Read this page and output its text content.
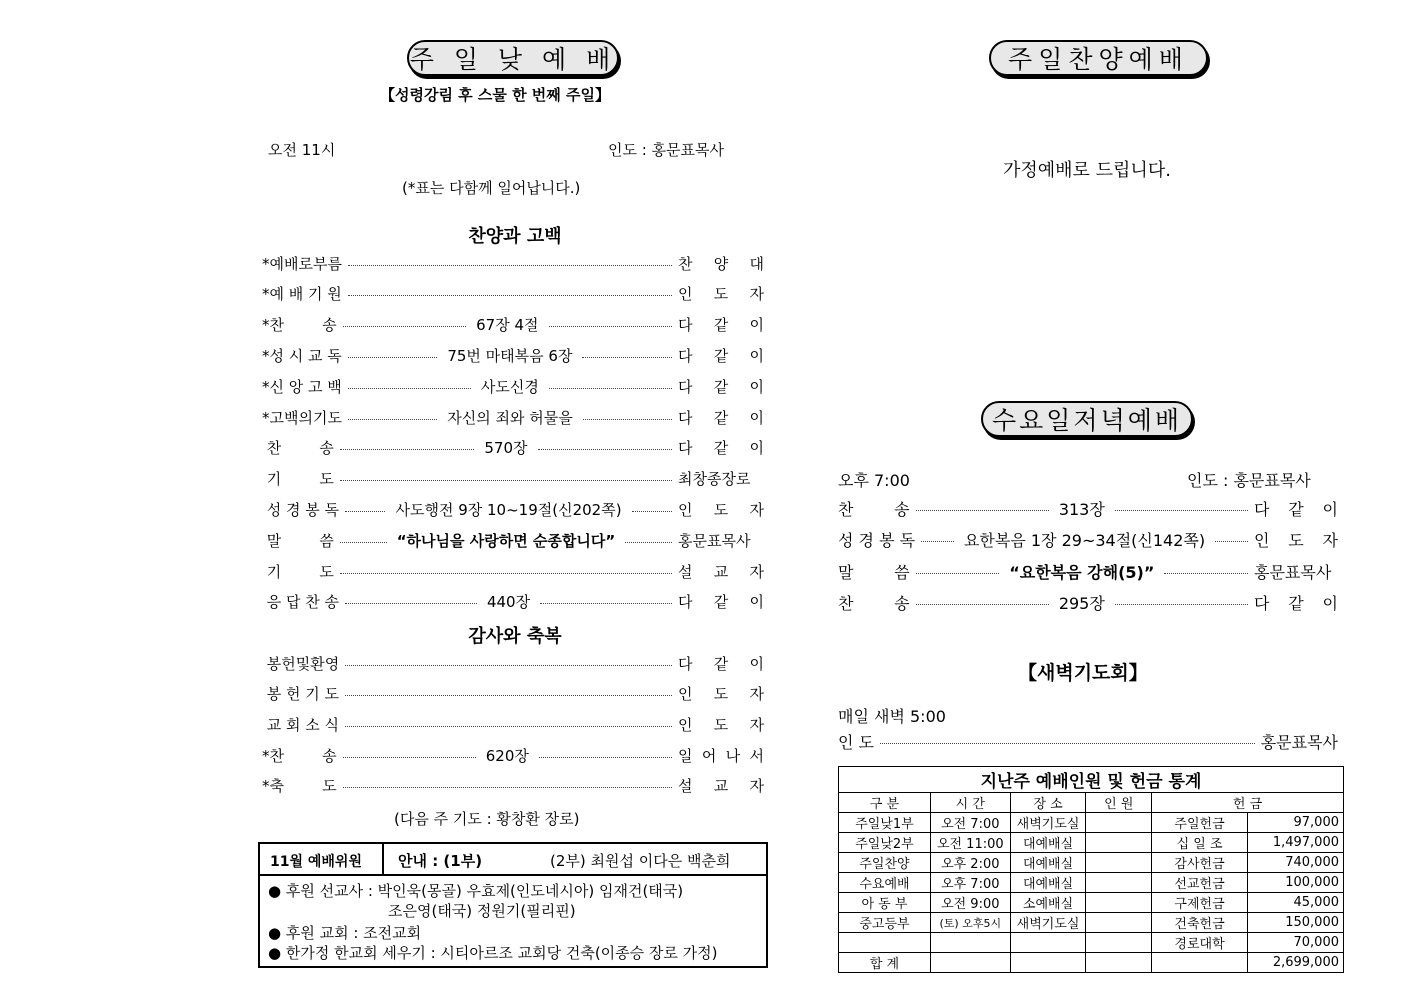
주 일 낮 예 배
【성령강림 후 스물 한 번째 주일】
오전 11시	인도 : 홍문표목사
(*표는 다함께 일어납니다.)
찬양과 고백
*예배로부름	찬 양 대
*예 배 기 원	인 도 자
*찬        송	67장 4절	다 같 이
*성 시 교 독	75번 마태복음 6장	다 같 이
*신 앙 고 백	사도신경	다 같 이
*고백의기도	자신의 죄와 허물을	다 같 이
찬        송	570장	다 같 이
기        도	최창종장로
성 경 봉 독	사도행전 9장 10~19절(신202쪽)	인 도 자
말        씀	“하나님을 사랑하면 순종합니다”	홍문표목사
기        도	설 교 자
응 답 찬 송	440장	다 같 이
감사와 축복
봉헌및환영	다 같 이
봉 헌 기 도	인 도 자
교 회 소 식	인 도 자
*찬        송	620장	일 어 나 서
*축        도	설 교 자
(다음 주 기도 : 황창환 장로)
11월 예배위원 안내 : (1부)	(2부) 최원섭 이다은 백춘희
● 후원 선교사 : 박인욱(몽골) 우효제(인도네시아) 임재건(태국)
조은영(태국) 정원기(필리핀)
● 후원 교회 : 조전교회
● 한가정 한교회 세우기 : 시티아르조 교회당 건축(이종승 장로 가정)
주일찬양예배
가정예배로 드립니다.
수요일저녁예배
오후 7:00	인도 : 홍문표목사
찬        송	313장	다 같 이
성 경 봉 독	요한복음 1장 29~34절(신142쪽)	인 도 자
말        씀	“요한복음 강해(5)”	홍문표목사
찬        송	295장	다 같 이
【새벽기도회】
매일 새벽 5:00
인 도	홍문표목사
지난주 예배인원 및 헌금 통계					
구 분	시 간	장 소	인 원	헌 금	
주일낮1부	오전 7:00	새벽기도실		주일헌금	97,000
주일낮2부	오전 11:00	대예배실		십 일 조	1,497,000
주일찬양	오후 2:00	대예배실		감사헌금	740,000
수요예배	오후 7:00	대예배실		선교헌금	100,000
아 동 부	오전 9:00	소예배실		구제헌금	45,000
중고등부	(토) 오후5시	새벽기도실		건축헌금	150,000
				경로대학	70,000
합 계					2,699,000
